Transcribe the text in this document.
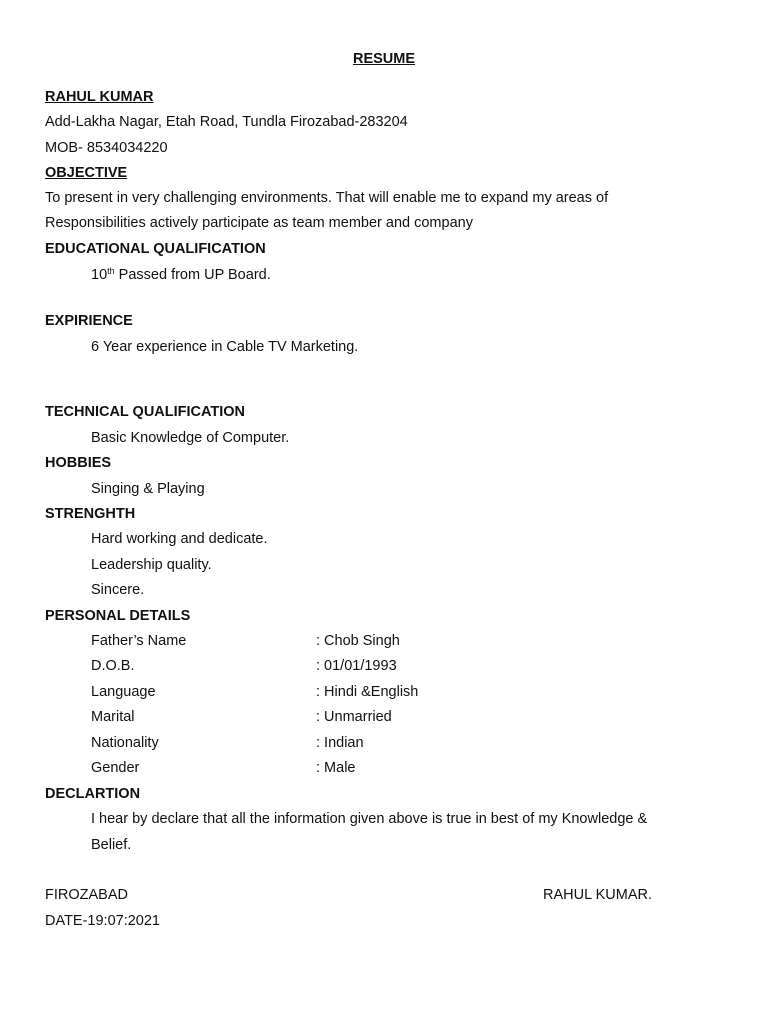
RESUME
RAHUL KUMAR
Add-Lakha Nagar, Etah Road, Tundla Firozabad-283204
MOB- 8534034220
OBJECTIVE
To present in very challenging environments. That will enable me to expand my areas of
Responsibilities actively participate as team member and company
EDUCATIONAL QUALIFICATION
10th Passed from UP Board.
EXPIRIENCE
6 Year experience in Cable TV Marketing.
TECHNICAL QUALIFICATION
Basic Knowledge of Computer.
HOBBIES
Singing & Playing
STRENGHTH
Hard working and dedicate.
Leadership quality.
Sincere.
PERSONAL DETAILS
Father’s Name	: Chob Singh
D.O.B.	: 01/01/1993
Language	: Hindi &English
Marital	: Unmarried
Nationality	: Indian
Gender	: Male
DECLARTION
I hear by declare that all the information given above is true in best of my Knowledge &
Belief.
FIROZABAD	RAHUL KUMAR.
DATE-19:07:2021
